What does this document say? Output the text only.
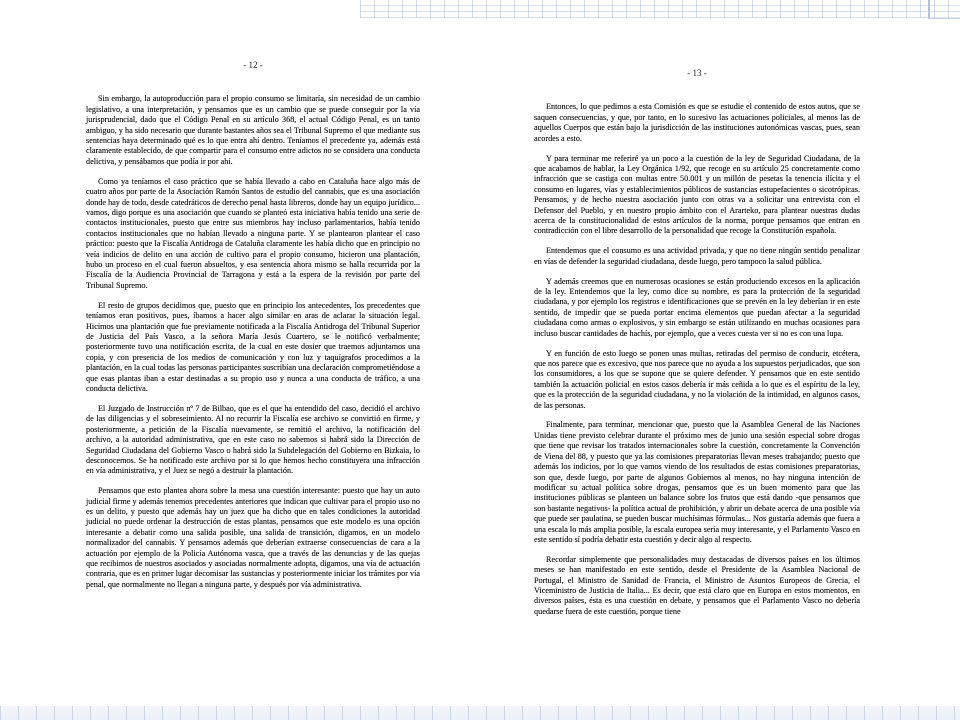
- 12 -

Sin embargo, la autoproducción para el propio consumo se limitaría, sin necesidad de un cambio legislativo, a una interpretación, y pensamos que es un cambio que se puede conseguir por la vía jurisprudencial, dado que el Código Penal en su artículo 368, el actual Código Penal, es un tanto ambiguo, y ha sido necesario que durante bastantes años sea el Tribunal Supremo el que mediante sus sentencias haya determinado qué es lo que entra ahí dentro. Teníamos el precedente ya, además está claramente establecido, de que compartir para el consumo entre adictos no se considera una conducta delictiva, y pensábamos que podía ir por ahí.

Como ya teníamos el caso práctico que se había llevado a cabo en Cataluña hace algo más de cuatro años por parte de la Asociación Ramón Santos de estudio del cannabis, que es una asociación donde hay de todo, desde catedráticos de derecho penal hasta libreros, donde hay un equipo jurídico... vamos, digo porque es una asociación que cuando se planteó esta iniciativa había tenido una serie de contactos institucionales, puesto que entre sus miembros hay incluso parlamentarios, había tenido contactos institucionales que no habían llevado a ninguna parte. Y se plantearon plantear el caso práctico: puesto que la Fiscalía Antidroga de Cataluña claramente les había dicho que en principio no veía indicios de delito en una acción de cultivo para el propio consumo, hicieron una plantación, hubo un proceso en el cual fueron absueltos, y esa sentencia ahora mismo se halla recurrida por la Fiscalía de la Audiencia Provincial de Tarragona y está a la espera de la revisión por parte del Tribunal Supremo.

El resto de grupos decidimos que, puesto que en principio los antecedentes, los precedentes que teníamos eran positivos, pues, íbamos a hacer algo similar en aras de aclarar la situación legal. Hicimos una plantación que fue previamente notificada a la Fiscalía Antidroga del Tribunal Superior de Justicia del País Vasco, a la señora María Jesús Cuartero, se le notificó verbalmente; posteriormente tuvo una notificación escrita, de la cual en este dosier que traemos adjuntamos una copia, y con presencia de los medios de comunicación y con luz y taquígrafos procedimos a la plantación, en la cual todas las personas participantes suscribían una declaración comprometiéndose a que esas plantas iban a estar destinadas a su propio uso y nunca a una conducta de tráfico, a una conducta delictiva.

El Juzgado de Instrucción nº 7 de Bilbao, que es el que ha entendido del caso, decidió el archivo de las diligencias y el sobreseimiento. Al no recurrir la Fiscalía ese archivo se convirtió en firme, y posteriormente, a petición de la Fiscalía nuevamente, se remitió el archivo, la notificación del archivo, a la autoridad administrativa, que en este caso no sabemos si habrá sido la Dirección de Seguridad Ciudadana del Gobierno Vasco o habrá sido la Subdelegación del Gobierno en Bizkaia, lo desconocemos. Se ha notificado este archivo por si lo que hemos hecho constituyera una infracción en vía administrativa, y el Juez se negó a destruir la plantación.

Pensamos que esto plantea ahora sobre la mesa una cuestión interesante: puesto que hay un auto judicial firme y además tenemos precedentes anteriores que indican que cultivar para el propio uso no es un delito, y puesto que además hay un juez que ha dicho que en tales condiciones la autoridad judicial no puede ordenar la destrucción de estas plantas, pensamos que este modelo es una opción interesante a debatir como una salida posible, una salida de transición, digamos, en un modelo normalizador del cannabis. Y pensamos además que deberían extraerse consecuencias de cara a la actuación por ejemplo de la Policía Autónoma vasca, que a través de las denuncias y de las quejas que recibimos de nuestros asociados y asociadas normalmente adopta, digamos, una vía de actuación contraria, que es en primer lugar decomisar las sustancias y posteriormente iniciar los trámites por vía penal, que normalmente no llegan a ninguna parte, y después por vía administrativa.

- 13 -

Entonces, lo que pedimos a esta Comisión es que se estudie el contenido de estos autos, que se saquen consecuencias, y que, por tanto, en lo sucesivo las actuaciones policiales, al menos las de aquellos Cuerpos que están bajo la jurisdicción de las instituciones autonómicas vascas, pues, sean acordes a esto.

Y para terminar me referiré ya un poco a la cuestión de la ley de Seguridad Ciudadana, de la que acabamos de hablar, la Ley Orgánica 1/92, que recoge en su artículo 25 concretamente como infracción que se castiga con multas entre 50.001 y un millón de pesetas la tenencia ilícita y el consumo en lugares, vías y establecimientos públicos de sustancias estupefacientes o sicotrópicas. Pensamos, y de hecho nuestra asociación junto con otras va a solicitar una entrevista con el Defensor del Pueblo, y en nuestro propio ámbito con el Ararteko, para plantear nuestras dudas acerca de la constitucionalidad de estos artículos de la norma, porque pensamos que entran en contradicción con el libre desarrollo de la personalidad que recoge la Constitución española.

Entendemos que el consumo es una actividad privada, y que no tiene ningún sentido penalizar en vías de defender la seguridad ciudadana, desde luego, pero tampoco la salud pública.

Y además creemos que en numerosas ocasiones se están produciendo excesos en la aplicación de la ley. Entendemos que la ley, como dice su nombre, es para la protección de la seguridad ciudadana, y por ejemplo los registros e identificaciones que se prevén en la ley deberían ir en este sentido, de impedir que se pueda portar encima elementos que puedan afectar a la seguridad ciudadana como armas o explosivos, y sin embargo se están utilizando en muchas ocasiones para incluso buscar cantidades de hachís, por ejemplo, que a veces cuesta ver si no es con una lupa.

Y en función de esto luego se ponen unas multas, retiradas del permiso de conducir, etcétera, que nos parece que es excesivo, que nos parece que no ayuda a los supuestos perjudicados, que son los consumidores, a los que se supone que se quiere defender. Y pensamos que en este sentido también la actuación policial en estos casos debería ir más ceñida a lo que es el espíritu de la ley, que es la protección de la seguridad ciudadana, y no la violación de la intimidad, en algunos casos, de las personas.

Finalmente, para terminar, mencionar que, puesto que la Asamblea General de las Naciones Unidas tiene previsto celebrar durante el próximo mes de junio una sesión especial sobre drogas que tiene que revisar los tratados internacionales sobre la cuestión, concretamente la Convención de Viena del 88, y puesto que ya las comisiones preparatorias llevan meses trabajando; puesto que además los indicios, por lo que vamos viendo de los resultados de estas comisiones preparatorias, son que, desde luego, por parte de algunos Gobiernos al menos, no hay ninguna intención de modificar su actual política sobre drogas, pensamos que es un buen momento para que las instituciones públicas se planteen un balance sobre los frutos que está dando -que pensamos que son bastante negativos- la política actual de prohibición, y abrir un debate acerca de una posible vía que puede ser paulatina, se pueden buscar muchísimas fórmulas... Nos gustaría además que fuera a una escala lo más amplia posible, la escala europea sería muy interesante, y el Parlamento Vasco en este sentido sí podría debatir esta cuestión y decir algo al respecto.

Recordar simplemente que personalidades muy destacadas de diversos países en los últimos meses se han manifestado en este sentido, desde el Presidente de la Asamblea Nacional de Portugal, el Ministro de Sanidad de Francia, el Ministro de Asuntos Europeos de Grecia, el Viceministro de Justicia de Italia... Es decir, que está claro que en Europa en estos momentos, en diversos países, ésta es una cuestión en debate, y pensamos que el Parlamento Vasco no debería quedarse fuera de este cuestión, porque tiene
